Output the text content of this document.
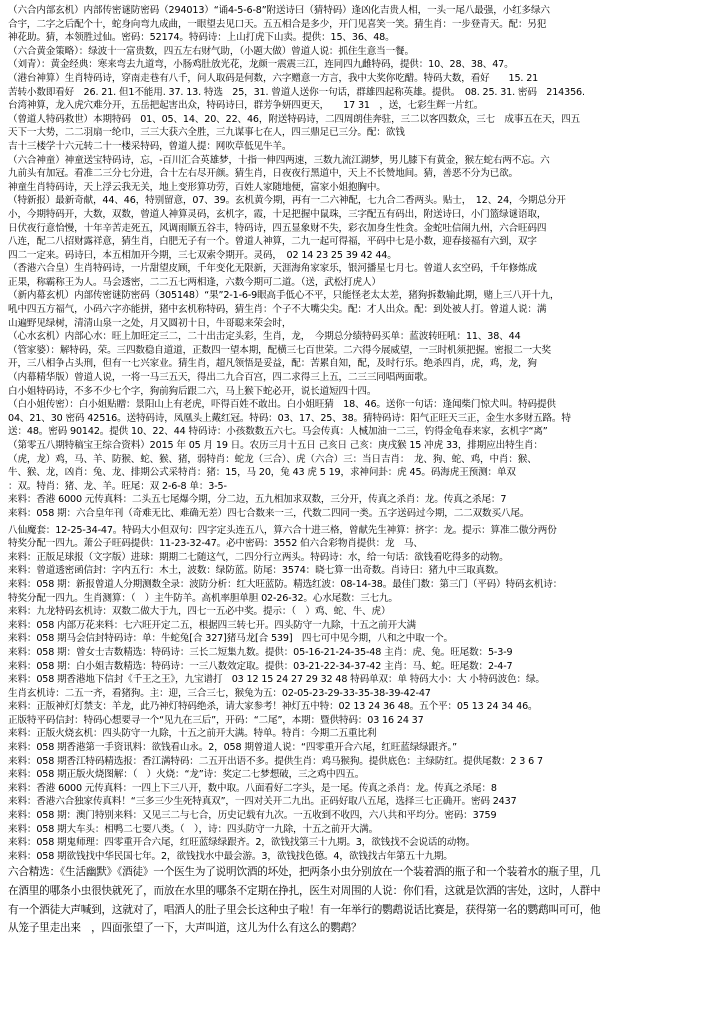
（六合内部玄机）内部传密谜防密码（294013）“诵4-5-6-8”附送诗曰（猜特码）逢凶化吉贵人相，一头一尾八最强，小红多绿六
合宇，二字之后配个十，蛇身向弯九成曲，一眼望去见口天。五五相合是多少，开门见喜笑一笑。猜生肖：一步登青天。配：另犯
神花助。猜，本领胜过仙。密码：52174。特码诗：上山打虎下山卖。提供：15、36、48。
（六合黄金策略）：绿波十一富贵数，四五左右财气助，（小题大做）曾道人说：抓住生意当一餐。
（刘青）：黄金经典：寒来弯去九道弯，小肠鸡肚放光花，龙颜一震震三江，连同四九雌特码，提供：10、28、38、47。
（港台神算）生肖特码诗，穿南走巷有八千，问人取码是何数，六字赠意一方言，我中大奖你吃醋。特码大数，看好　　15. 21
苦转小数即看好　26. 21. 但1不能用. 37. 13. 特选　25，31. 曾道人送你一句话，群雄四起称英雄。提供。　08. 25. 31. 密码　214356.
台湾神算，龙入虎穴难分开，五岳把起害出众，特码诗曰，群芳争妍四更天，　　17 31　，送，七彩生辉一片红。
（曾道人特码救世）本期特码　01、05、14、20、22、46，附送特码诗，二四周朗佳奔驻，三二以客四数众，三七　成事五在天，四五
天下一大势，二二羽扇一纶巾，三三大获六全胜，三九谋事七在人，四三鼎足已三分。配：欲钱
吉十三楼学十六元转二十一楼采特码，曾道人提：网吹草低见牛羊。
（六合神童）神童送宝特码诗，忘，-百川汇合英雄梦，十指一伸四两速，三数九流江湖梦，男儿膝下有黄金，猴左蛇右两不忘。六
九前头有加冠。看准二三分七分进，合十左右尽开颜。猜生肖，日夜夜行黑道中，天上不长赞地间。猜，善恶不分为已欲。
神童生肖特码诗，天上浮云我无关，地上变形算功劳，百姓人家随地便，富家小姐抱胸中。
（特新报）最新奇献，44、46，特别留意，07、39。玄机黄今期，再有一二六神配，七九合二香两头。贴士，　12、24，今期总分开
小，今期特码开，大数，双数，曾道人神算灵码，玄机字，霞，十足把握中鼠珠，三字配五有码出，附送诗曰，小门篮绿谜语取，
日伏夜行意恰慢，十年辛苦走死五，风调雨顺五谷丰，特码诗，四五显象财不失，彩衣加身生性贪。金蛇吐信闹九州，六合旺码四
八连，配二八招财露祥意，猜生肖，白肥无子有一个。曾道人神算，二九一起可得福，平码中七是小数，迎春接福有六到，双字
四二一定来。码诗曰，本五相加开今期，三七双索令期开。灵码，　02 14 23 25 39 42 44。
（香港六合皇）生肖特码诗，一片甜望皮顾，千年变化无限新，天涯海角家家乐，银河播星七月七。曾道人玄空码，千年修炼成
正果，称霸称王为人。马会透密，二二五七两相逢，六数今期可二道。（送，武松打虎人）
（新内幕玄机）内部传密谜防密码（305148）“果”2-1-6-9眼高手低心不平，只能怪老太太差，猪狗拆数输此期，赌上三八开十九，
吼中四五方福气，小码六字亦能拼，猪中玄机称特码，猜生肖：个子不大嘴尖尖。配：才人出众。配：到处被人打。曾道人说：满
山遍野见绿树，清清山泉一之处，月又圆初十日，牛哥聪来荣会时，
（心水玄机）内部心水：旺上加旺定三二，二十出击定头彩，生肖，龙，　今期总分绩特码买单：蓝波转旺吼：11、38、44
（管家婆）：解特码，荣。三四数稳自道道，正数四一望本期，配横三七百世荣。二六得今展威望，一三时机须把握。密报二一大奖
开，三八相争占头刑，但有一七兴家业。猜生肖，超凡领悟是妥益，配：苦累自知，配，及时行乐。绝杀四肖，虎，鸡，龙，狗
（内幕精华版）曾道人说，一将一马三五天，得出二九合百宫，四二求得三上五，二三三同唱两面歌。
白小姐特码诗，不多不少七个字，狗前狗后跟二六，马上猴下蛇必开，说长道短四十四。
（白小姐传密）：白小姐贴贈：景阳山上有老虎，吓得百姓不敢出。白小姐旺猜　18、46。送你一句话：逢闻柴门惊犬叫。特码提供
04、21、30 密码 42516。送特码诗，凤凰头上戴红冠。特码：03、17、25、38。猜特码诗：阳气正旺天三正，金生水多财五路。特
送：48。密码 90142。提供 10、22、44 特码诗：小孩数数五六七。马会传真：人械加油一二三，钓得金龟春来家，玄机字“离”
（第零五八期特稿宝王综合资料）2015 年 05 月 19 日。农历三月十五日 己亥日 己亥：庚戌猴 15 冲虎 33，排期应出特生肖：
（虎，龙）鸡，马、羊、防猴、蛇、猴、猪，弱特肖：蛇龙（三合）、虎（六合）三：当日吉肖：　龙、狗、蛇、鸡，中肖：猴、
牛、猴、龙，凶肖：兔、龙、排期公式采特肖：猪：15，马 20，兔 43 虎 5 19，求神问卦：虎 45。码海虎王预测：单双
：双。特肖：猪、龙、羊。旺尾：双 2-6-8 单：3-5-
来料：香港 6000 元传真料：二头五七尾爆今期，分二边，五九相加求双数，三分开，传真之杀肖：龙。传真之杀尾：7
来料：058 期：六合皇年刊（奇难无比、难确无差）四七合数来一三，代数二四同一类。五字送码过今期，二二双数买八尾。
八仙魔套：12-25-34-47。特码大小但双句：四字定头连五八，算六合十进三格，曾献先生神算：挤字：龙。提示：算准二傲分两份
特奖分配一四九。萧公子旺码提供：11-23-32-47。必中密码：3552 伯六合彩物肖提供：龙　马、
来料：正版足球报（文字版）进球：期期二七随这气，二四分行立两头。特码诗：水，给一句话：欲钱看吃得多的动物。
来料：曾道透密函信封：字内五行：木土，波数：绿防蓝。防尾：3574：晓七算一出奇数。肖诗曰：猪九中三取真数。
来料：058 期：新报曾道人分期测数全录：波防分析：红大旺蓝防。精选红波：08-14-38。最佳门数：第三门（平码）特码玄机诗：
特奖分配一四九。生肖测算：（　）主牛防羊。高机率胆单胆 02-26-32。心水尾数：三七九。
来料：九龙特码玄机诗：双数二做大于九，四七一五必中奖。提示：（　）鸡、蛇、牛、虎）
来料：058 内部万花来料：七六旺开定二五，根据四三转七开。四头防守一九除，十五之前开大满
来料：058 期马会信封特码诗：单：牛蛇兔[合 327]猪马龙[合 539]　四七可中见今期，八和之中取一个。
来料：058 期：曾女士吉数精选：特码诗：三长二短集九数。提供：05-16-21-24-35-48 主肖：虎、兔。旺尾数：5-3-9
来料：058 期：白小姐吉数精选：特码诗：一三八数效定取。提供：03-21-22-34-37-42 主肖：马、蛇。旺尾数：2-4-7
来料：058 期香港地下信封《千王之王》，九宝谱打　03 12 15 24 27 29 32 48 特码单双：单 特码大小：大 小特码波色：绿。
生肖玄机诗：二五一齐，看猪狗。主：迎，三合三七，猴兔为五：02-05-23-29-33-35-38-39-42-47
来料：正版神灯灯禁支：羊龙，此乃神灯特码绝杀，请大家参考！神灯五中特：02 13 24 36 48。五个平：05 13 24 34 46。
正版特平码信封：特码心想要寻一个“见九在三后”，开码：“二尾”，本期：暨供特码：03 16 24 37
来料：正版火烧玄机：四头防守一九除，十五之前开大满。特单。特肖：今期二五重比利
来料：058 期香港第一手资讯料：欲钱看山永。2，058 期曾道人说：“四零重开合六尾，红旺蓝绿绿跟齐。”
来料：058 期香江特码精选报：香江满特码：二五开出语不多。提供生肖：鸡马猴狗。提供底色：主绿防红。提供尾数：2 3 6 7
来料：058 期正版火烧图解：（　）火烧：“龙”诗：奖定二七梦想破，三之鸡中四五。
来料：香港 6000 元传真料：一四上下三八开，数中取。八面看好二字头，是一尾。传真之杀肖：龙。传真之杀尾：8
来料：香港六合独家传真料！“三多三少生死特真双”，一四对关开二九出。正码好取八五尾，选择三七正确开。密码 2437
来料：058 期：澳门特别来料：又见三二与七合，历史记载有九次。一五收到不收四，六八共和平均分。密码：3759
来料：058 期大车头：相鸭二七要八类。（　），诗：四头防守一九除，十五之前开大满。
来料：058 期鬼师理：四零重开合六尾，红旺蓝绿绿跟齐。2，欲钱找第三十九期。3，欲钱找不会说话的动物。
来料：058 期欲钱找中华民国七年。2，欲钱找水中最会游。3，欲钱找色德。4，欲钱找古年第五十九期。
六合精选：《生活幽默》《酒徒》一个医生为了说明饮酒的坏处，把两条小虫分别放在一个装着酒的瓶子和一个装着水的瓶子里，几
在酒里的哪条小虫很快就死了，而放在水里的哪条不定期在挣扎，医生对周围的人说：你们看，这就是饮酒的害处，这时，人群中
有一个酒徒大声喊到，这就对了，唱酒人的肚子里会长这种虫子啦！有一年举行的鹦鹉说话比赛是，获得第一名的鹦鹉叫可可，他
从笼子里走出来　，四面张望了一下，大声叫道，这儿为什么有这么的鹦鹉？
